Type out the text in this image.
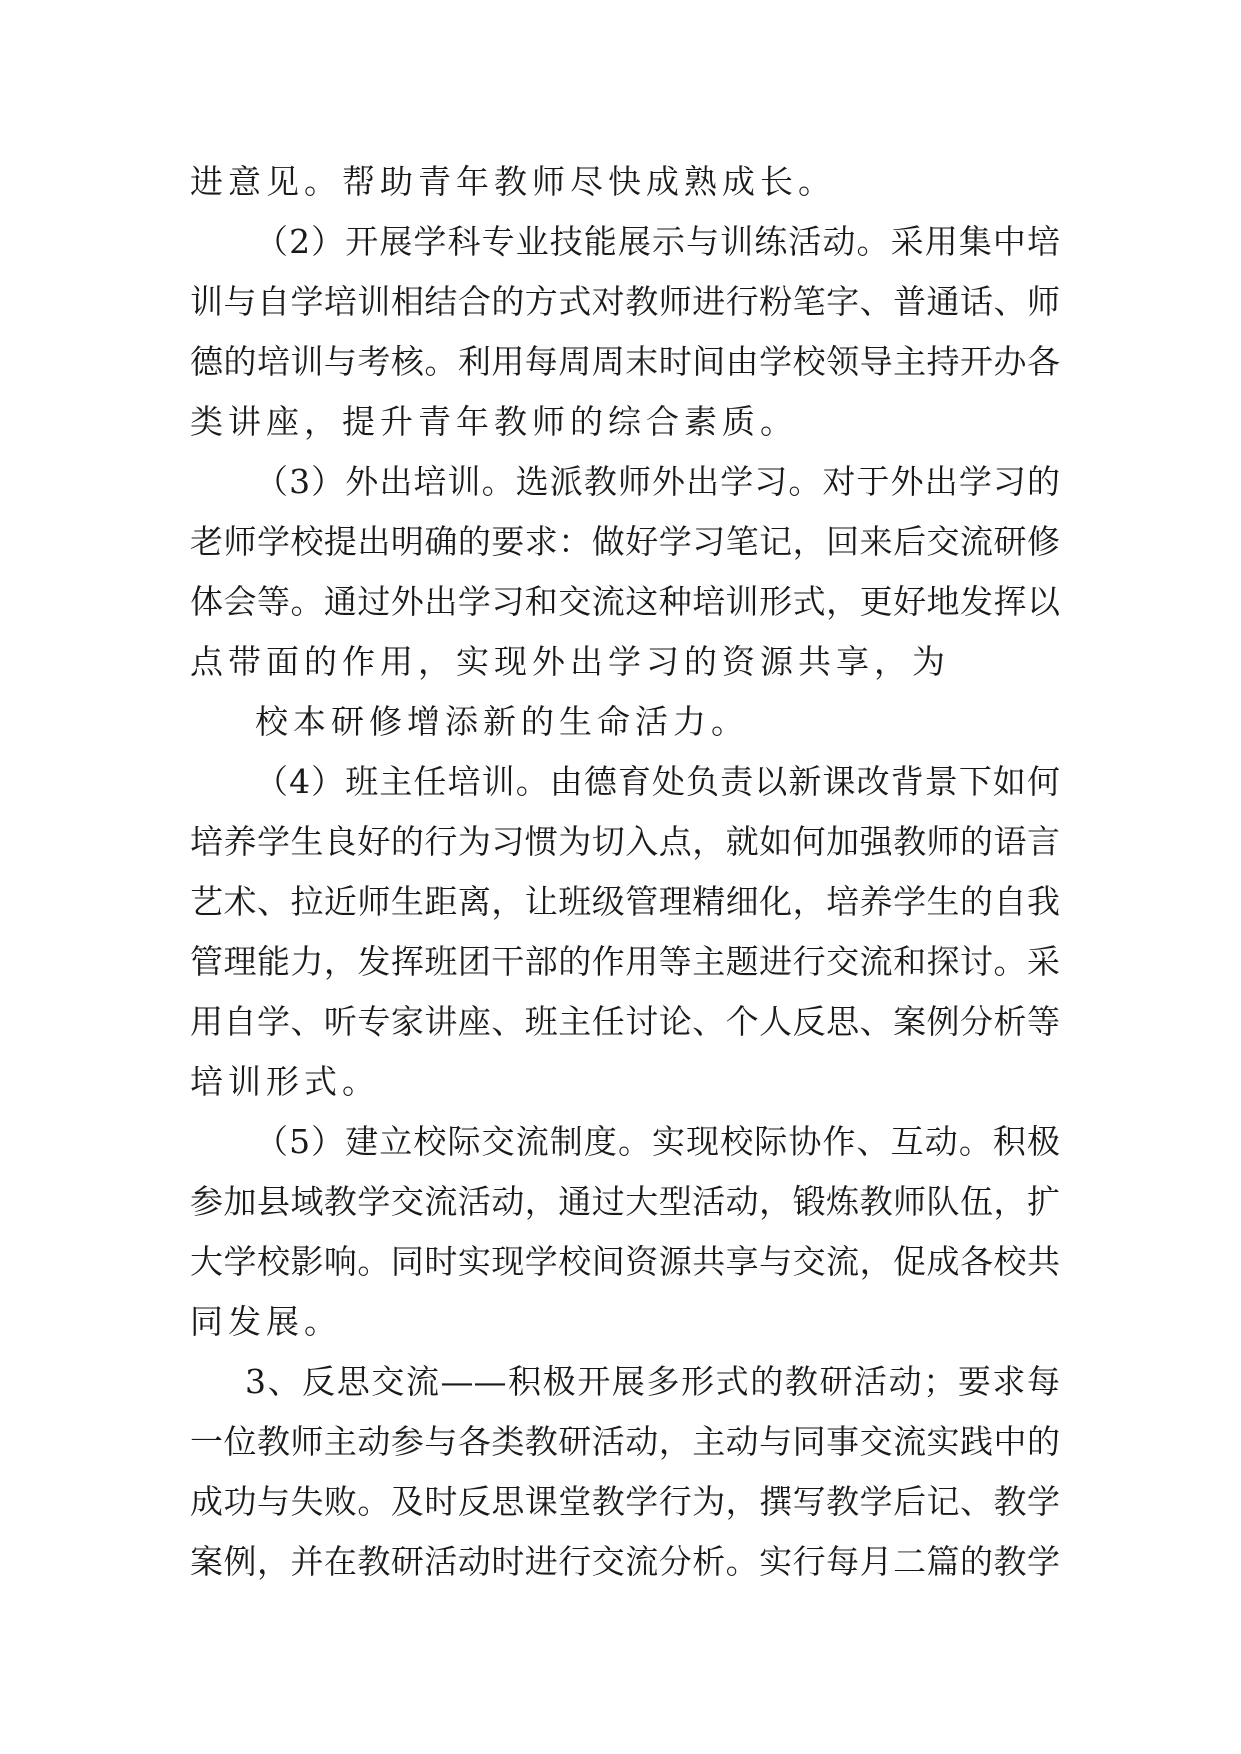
进意见。帮助青年教师尽快成熟成长。
（2）开展学科专业技能展示与训练活动。采用集中培
训与自学培训相结合的方式对教师进行粉笔字、普通话、师
德的培训与考核。利用每周周末时间由学校领导主持开办各
类讲座，提升青年教师的综合素质。
（3）外出培训。选派教师外出学习。对于外出学习的
老师学校提出明确的要求：做好学习笔记，回来后交流研修
体会等。通过外出学习和交流这种培训形式，更好地发挥以
点带面的作用，实现外出学习的资源共享，为
校本研修增添新的生命活力。
（4）班主任培训。由德育处负责以新课改背景下如何
培养学生良好的行为习惯为切入点，就如何加强教师的语言
艺术、拉近师生距离，让班级管理精细化，培养学生的自我
管理能力，发挥班团干部的作用等主题进行交流和探讨。采
用自学、听专家讲座、班主任讨论、个人反思、案例分析等
培训形式。
（5）建立校际交流制度。实现校际协作、互动。积极
参加县域教学交流活动，通过大型活动，锻炼教师队伍，扩
大学校影响。同时实现学校间资源共享与交流，促成各校共
同发展。
3、反思交流——积极开展多形式的教研活动；要求每
一位教师主动参与各类教研活动，主动与同事交流实践中的
成功与失败。及时反思课堂教学行为，撰写教学后记、教学
案例，并在教研活动时进行交流分析。实行每月二篇的教学
